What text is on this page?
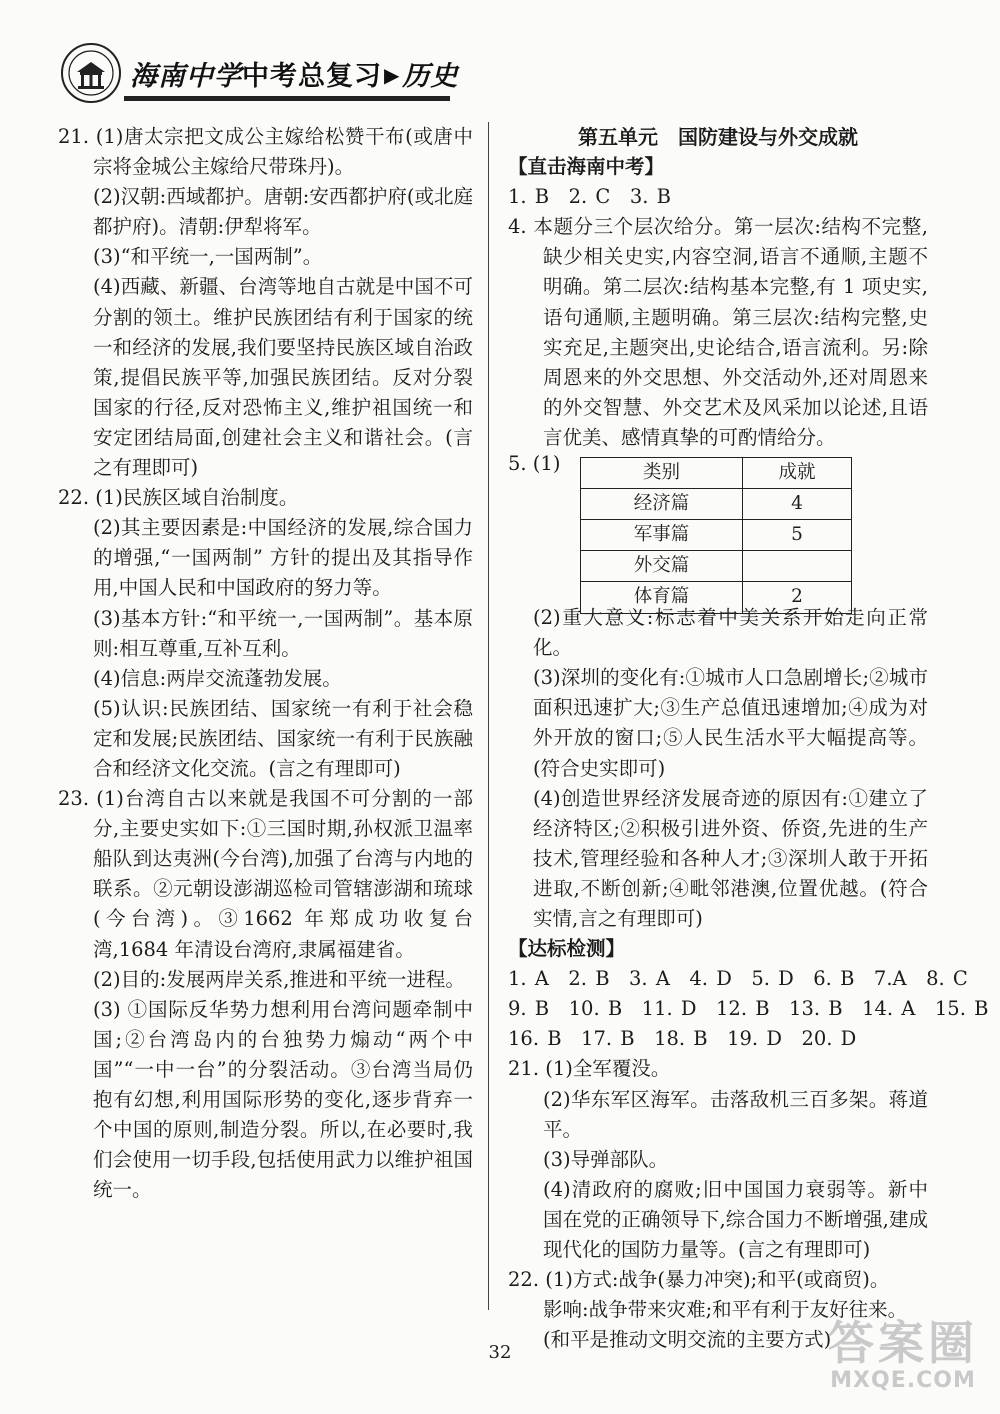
海南中学中考总复习 ▶历史
21. (1)唐太宗把文成公主嫁给松赞干布(或唐中宗将金城公主嫁给尺带珠丹)。
(2)汉朝:西域都护。唐朝:安西都护府(或北庭都护府)。清朝:伊犁将军。
(3)“和平统一,一国两制”。
(4)西藏、新疆、台湾等地自古就是中国不可分割的领土。维护民族团结有利于国家的统一和经济的发展,我们要坚持民族区域自治政策,提倡民族平等,加强民族团结。反对分裂国家的行径,反对恐怖主义,维护祖国统一和安定团结局面,创建社会主义和谐社会。(言之有理即可)
22. (1)民族区域自治制度。
(2)其主要因素是:中国经济的发展,综合国力的增强,“一国两制” 方针的提出及其指导作用,中国人民和中国政府的努力等。
(3)基本方针:“和平统一,一国两制”。基本原则:相互尊重,互补互利。
(4)信息:两岸交流蓬勃发展。
(5)认识:民族团结、国家统一有利于社会稳定和发展;民族团结、国家统一有利于民族融合和经济文化交流。(言之有理即可)
23. (1)台湾自古以来就是我国不可分割的一部分,主要史实如下:①三国时期,孙权派卫温率船队到达夷洲(今台湾),加强了台湾与内地的联系。②元朝设澎湖巡检司管辖澎湖和琉球(今台湾)。③1662 年郑成功收复台湾,1684 年清设台湾府,隶属福建省。
(2)目的:发展两岸关系,推进和平统一进程。
(3) ①国际反华势力想利用台湾问题牵制中国;②台湾岛内的台独势力煽动“两个中国”“一中一台”的分裂活动。③台湾当局仍抱有幻想,利用国际形势的变化,逐步背弃一个中国的原则,制造分裂。所以,在必要时,我们会使用一切手段,包括使用武力以维护祖国统一。
第五单元　国防建设与外交成就
【直击海南中考】
1. B　2. C　3. B
4. 本题分三个层次给分。第一层次:结构不完整,缺少相关史实,内容空洞,语言不通顺,主题不明确。第二层次:结构基本完整,有 1 项史实,语句通顺,主题明确。第三层次:结构完整,史实充足,主题突出,史论结合,语言流利。另:除周恩来的外交思想、外交活动外,还对周恩来的外交智慧、外交艺术及风采加以论述,且语言优美、感情真挚的可酌情给分。
5. (1)	类别	成就
经济篇	4
军事篇	5
外交篇	
体育篇	2
(2)重大意义:标志着中美关系开始走向正常化。
(3)深圳的变化有:①城市人口急剧增长;②城市面积迅速扩大;③生产总值迅速增加;④成为对外开放的窗口;⑤人民生活水平大幅提高等。(符合史实即可)
(4)创造世界经济发展奇迹的原因有:①建立了经济特区;②积极引进外资、侨资,先进的生产技术,管理经验和各种人才;③深圳人敢于开拓进取,不断创新;④毗邻港澳,位置优越。(符合实情,言之有理即可)
【达标检测】
1. A　2. B　3. A　4. D　5. D　6. B　7.A　8. C
9. B　10. B　11. D　12. B　13. B　14. A　15. B
16. B　17. B　18. B　19. D　20. D
21. (1)全军覆没。
(2)华东军区海军。击落敌机三百多架。蒋道平。
(3)导弹部队。
(4)清政府的腐败;旧中国国力衰弱等。新中国在党的正确领导下,综合国力不断增强,建成现代化的国防力量等。(言之有理即可)
22. (1)方式:战争(暴力冲突);和平(或商贸)。
影响:战争带来灾难;和平有利于友好往来。
(和平是推动文明交流的主要方式)
32	答案圈
MXQE.COM
